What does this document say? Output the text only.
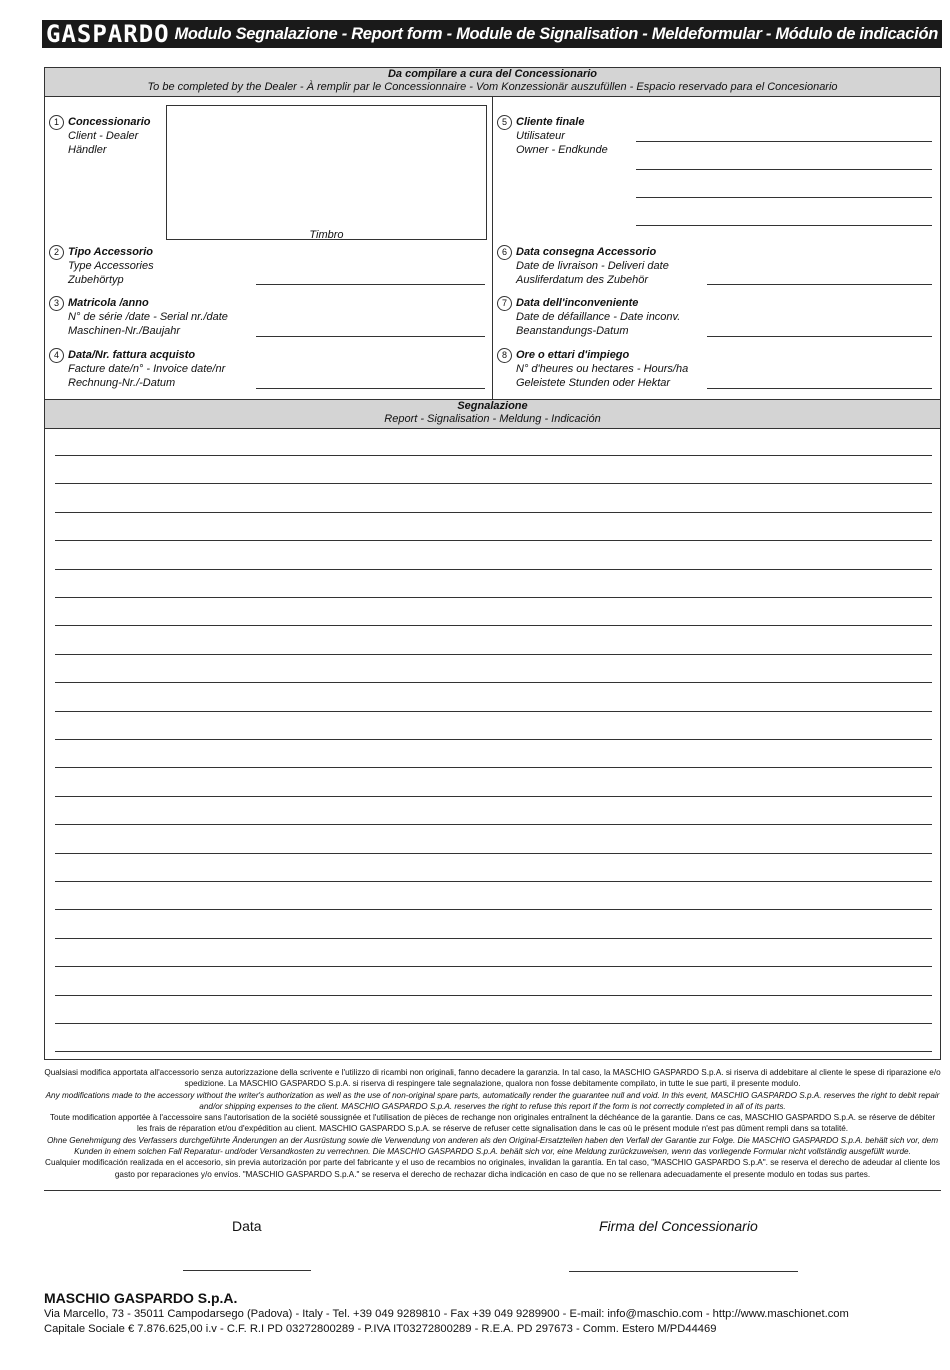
GASPARDO Modulo Segnalazione - Report form - Module de Signalisation - Meldeformular - Módulo de indicación
Da compilare a cura del Concessionario
To be completed by the Dealer - À remplir par le Concessionnaire - Vom Konzessionär auszufüllen - Espacio reservado para el Concesionario
1 Concessionario
Client - Dealer
Händler
Timbro
5 Cliente finale
Utilisateur
Owner - Endkunde
2 Tipo Accessorio
Type Accessories
Zubehörtyp
6 Data consegna Accessorio
Date de livraison - Deliveri date
Ausliferdatum des Zubehör
3 Matricola /anno
N° de série /date - Serial nr./date
Maschinen-Nr./Baujahr
7 Data dell'inconveniente
Date de défaillance - Date inconv.
Beanstandungs-Datum
4 Data/Nr. fattura acquisto
Facture date/n° - Invoice date/nr
Rechnung-Nr./-Datum
8 Ore o ettari d'impiego
N° d'heures ou hectares - Hours/ha
Geleistete Stunden oder Hektar
Segnalazione
Report - Signalisation - Meldung - Indicación

Qualsiasi modifica apportata all'accessorio senza autorizzazione della scrivente e l'utilizzo di ricambi non originali, fanno decadere la garanzia. In tal caso, la MASCHIO GASPARDO S.p.A. si riserva di addebitare al cliente le spese di riparazione e/o spedizione. La MASCHIO GASPARDO S.p.A. si riserva di respingere tale segnalazione, qualora non fosse debitamente compilato, in tutte le sue parti, il presente modulo.

Any modifications made to the accessory without the writer's authorization as well as the use of non-original spare parts, automatically render the guarantee null and void. In this event, MASCHIO GASPARDO S.p.A. reserves the right to debit repair and/or shipping expenses to the client. MASCHIO GASPARDO S.p.A. reserves the right to refuse this report if the form is not correctly completed in all of its parts.

Toute modification apportée à l'accessoire sans l'autorisation de la société soussignée et l'utilisation de pièces de rechange non originales entraînent la déchéance de la garantie. Dans ce cas, MASCHIO GASPARDO S.p.A. se réserve de débiter les frais de réparation et/ou d'expédition au client. MASCHIO GASPARDO S.p.A. se réserve de refuser cette signalisation dans le cas où le présent module n'est pas dûment rempli dans sa totalité.

Ohne Genehmigung des Verfassers durchgeführte Änderungen an der Ausrüstung sowie die Verwendung von anderen als den Original-Ersatzteilen haben den Verfall der Garantie zur Folge. Die MASCHIO GASPARDO S.p.A. behält sich vor, dem Kunden in einem solchen Fall Reparatur- und/oder Versandkosten zu verrechnen. Die MASCHIO GASPARDO S.p.A. behält sich vor, eine Meldung zurückzuweisen, wenn das vorliegende Formular nicht vollständig ausgefüllt wurde.

Cualquier modificación realizada en el accesorio, sin previa autorización por parte del fabricante y el uso de recambios no originales, invalidan la garantía. En tal caso, "MASCHIO GASPARDO S.p.A". se reserva el derecho de adeudar al cliente los gasto por reparaciones y/o envíos. "MASCHIO GASPARDO S.p.A." se reserva el derecho de rechazar dicha indicación en caso de que no se rellenara adecuadamente el presente modulo en todas sus partes.

Data	Firma del Concessionario
MASCHIO GASPARDO S.p.A.
Via Marcello, 73 - 35011 Campodarsego (Padova) - Italy - Tel. +39 049 9289810 - Fax +39 049 9289900 - E-mail: info@maschio.com - http://www.maschionet.com
Capitale Sociale € 7.876.625,00 i.v - C.F. R.I PD 03272800289 - P.IVA IT03272800289 - R.E.A. PD 297673 - Comm. Estero M/PD44469
